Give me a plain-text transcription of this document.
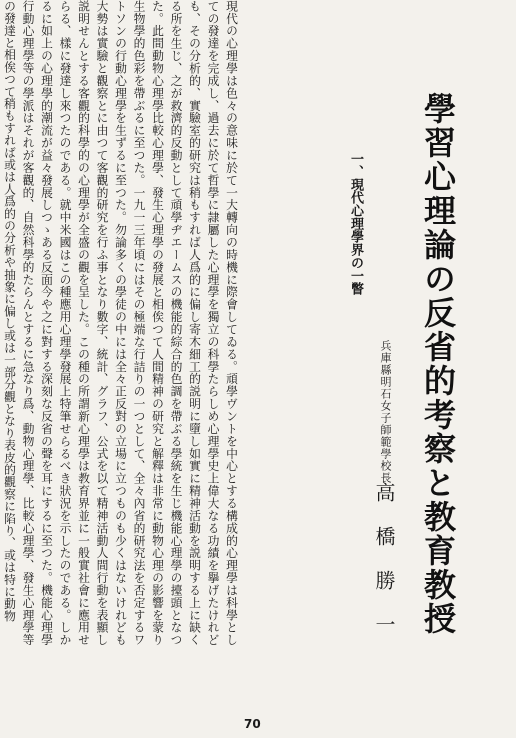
學習心理論の反省的考察と教育教授
兵庫縣明石女子師範學校長
高橋勝一
一、現代心理學界の一瞥
現代の心理學は色々の意味に於て一大轉向の時機に際會してゐる。頑學ヴントを中心とする構成的心理學は科學としての發達を完成し、過去に於て哲學に隷屬した心理學を獨立の科學たらしめ心理學史上偉大なる功績を擧げたけれども、その分析的、實驗室的研究は稍もすれば人爲的に偏し寄木細工的説明に墮し如實に精神活動を説明する上に缺くる所を生じ、之が救濟的反動として頑學ヂエームスの機能的綜合的色調を帶ぶる學統を生じ機能心理學の擡頭となつた。此間動物心理學比較心理學、發生心理學の發展と相俟つて人間精神の研究と解釋は非常に動物心理の影響を蒙り生物學的色彩を帶ぶるに至つた。一九一三年頃にはその極端な行詰りの一つとして、全々內省的研究法を否定するワトソンの行動心理學を生ずるに至つた。勿論多くの學徒の中には全々正反對の立場に立つものも少くはないけれども大勢は實驗と觀察とに由つて客觀的研究を行ふ事となり數字、統計、グラフ、公式を以て精神活動人間行動を表顯し説明せんとする客觀的科學的の心理學が全盛の觀を呈した。この種の所謂新心理學は教育界並に一般實社會に應用せらる、樣に發達し來つたのである。就中米國はこの種應用心理學發展上特筆せらるべき狀況を示したのである。しかるに如上の心理學的潮流が益々發展しつゝある反面今や之に對する深刻な反省の聲を耳にするに至つた。機能心理學行動心理學等の學派はそれが客觀的、自然科學的たらんとするに急なり爲、動物心理學、比較心理學、發生心理學等の發達と相俟つて稍もすれば或は人爲的の分析や抽象に偏し或は一部分觀となり表皮的觀察に陷り、或は特に動物
70
